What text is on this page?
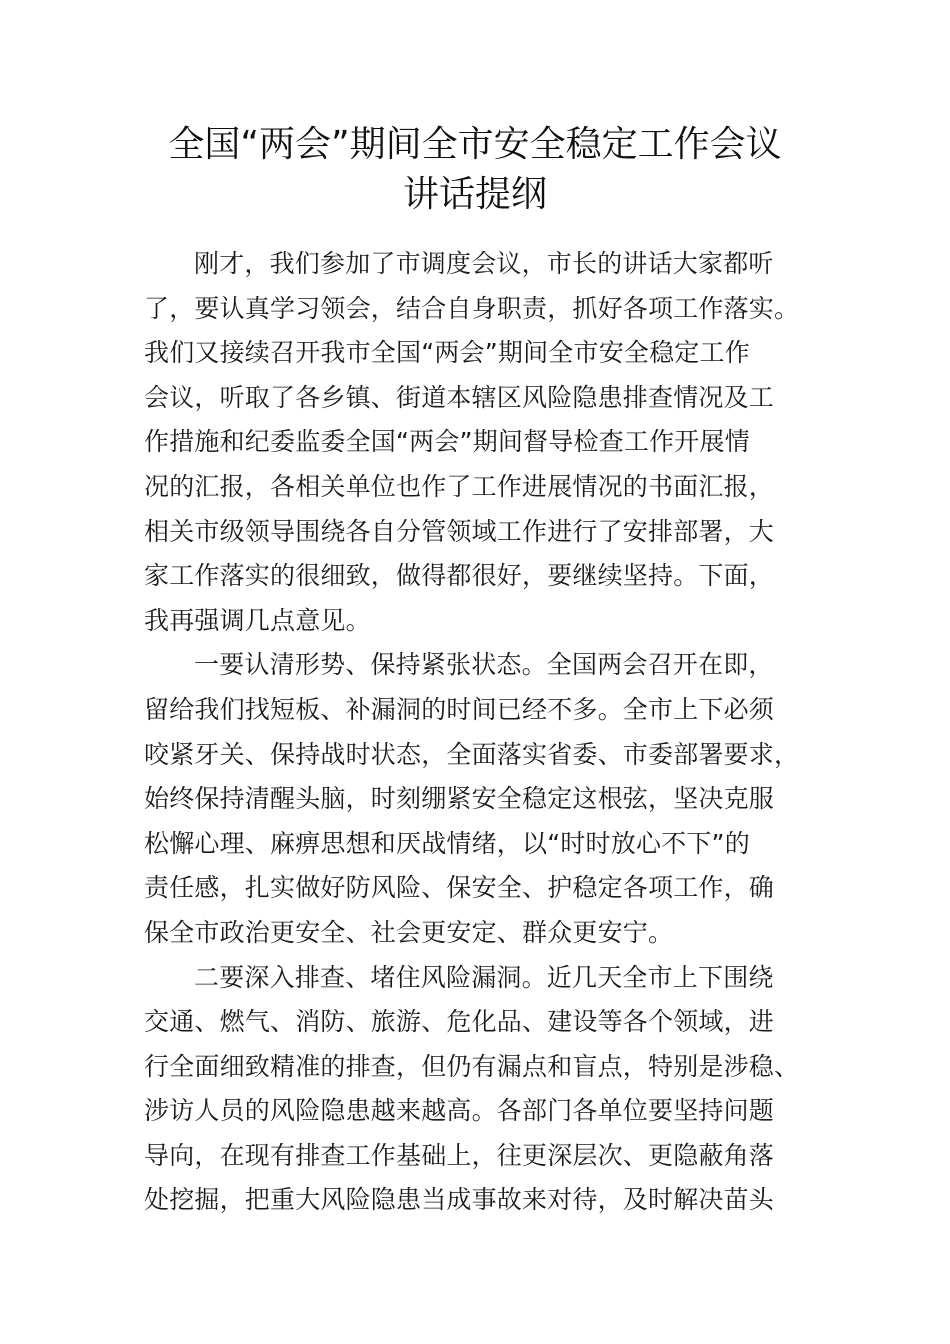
全国“两会”期间全市安全稳定工作会议
讲话提纲
刚才，我们参加了市调度会议，市长的讲话大家都听
了，要认真学习领会，结合自身职责，抓好各项工作落实。
我们又接续召开我市全国“两会”期间全市安全稳定工作
会议，听取了各乡镇、街道本辖区风险隐患排查情况及工
作措施和纪委监委全国“两会”期间督导检查工作开展情
况的汇报，各相关单位也作了工作进展情况的书面汇报，
相关市级领导围绕各自分管领域工作进行了安排部署，大
家工作落实的很细致，做得都很好，要继续坚持。下面，
我再强调几点意见。
一要认清形势、保持紧张状态。全国两会召开在即，
留给我们找短板、补漏洞的时间已经不多。全市上下必须
咬紧牙关、保持战时状态，全面落实省委、市委部署要求，
始终保持清醒头脑，时刻绷紧安全稳定这根弦，坚决克服
松懈心理、麻痹思想和厌战情绪，以“时时放心不下”的
责任感，扎实做好防风险、保安全、护稳定各项工作，确
保全市政治更安全、社会更安定、群众更安宁。
二要深入排查、堵住风险漏洞。近几天全市上下围绕
交通、燃气、消防、旅游、危化品、建设等各个领域，进
行全面细致精准的排查，但仍有漏点和盲点，特别是涉稳、
涉访人员的风险隐患越来越高。各部门各单位要坚持问题
导向，在现有排查工作基础上，往更深层次、更隐蔽角落
处挖掘，把重大风险隐患当成事故来对待，及时解决苗头
